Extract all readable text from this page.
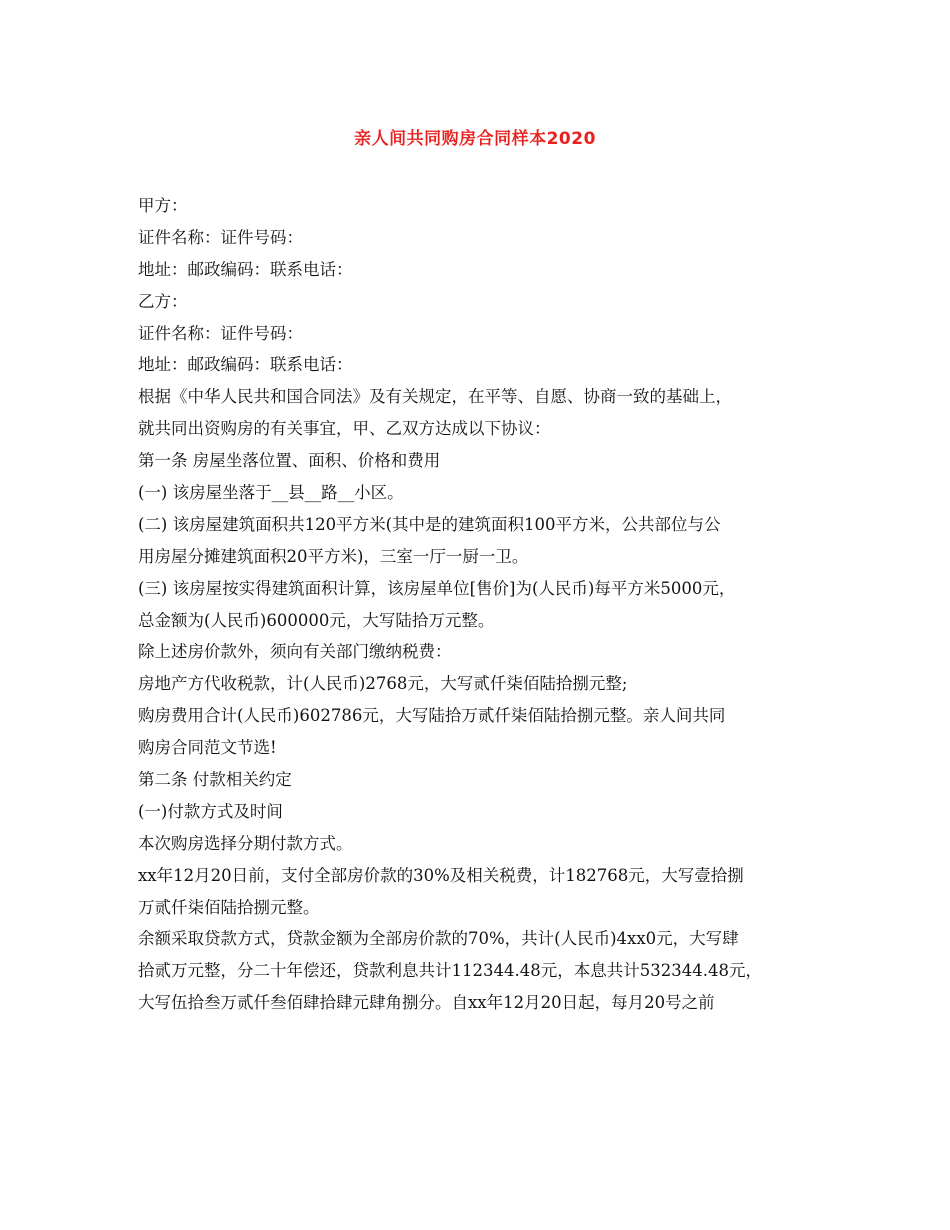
亲人间共同购房合同样本2020
甲方：
证件名称：证件号码：
地址：邮政编码：联系电话：
乙方：
证件名称：证件号码：
地址：邮政编码：联系电话：
根据《中华人民共和国合同法》及有关规定，在平等、自愿、协商一致的基础上，
就共同出资购房的有关事宜，甲、乙双方达成以下协议：
第一条 房屋坐落位置、面积、价格和费用
(一) 该房屋坐落于__县__路__小区。
(二) 该房屋建筑面积共120平方米(其中是的建筑面积100平方米，公共部位与公
用房屋分摊建筑面积20平方米)，三室一厅一厨一卫。
(三) 该房屋按实得建筑面积计算，该房屋单位[售价]为(人民币)每平方米5000元，
总金额为(人民币)600000元，大写陆拾万元整。
除上述房价款外，须向有关部门缴纳税费：
房地产方代收税款，计(人民币)2768元，大写贰仟柒佰陆拾捌元整;
购房费用合计(人民币)602786元，大写陆拾万贰仟柒佰陆拾捌元整。亲人间共同
购房合同范文节选!
第二条 付款相关约定
(一)付款方式及时间
本次购房选择分期付款方式。
xx年12月20日前，支付全部房价款的30%及相关税费，计182768元，大写壹拾捌
万贰仟柒佰陆拾捌元整。
余额采取贷款方式，贷款金额为全部房价款的70%，共计(人民币)4xx0元，大写肆
拾贰万元整，分二十年偿还，贷款利息共计112344.48元，本息共计532344.48元，
大写伍拾叁万贰仟叁佰肆拾肆元肆角捌分。自xx年12月20日起，每月20号之前
